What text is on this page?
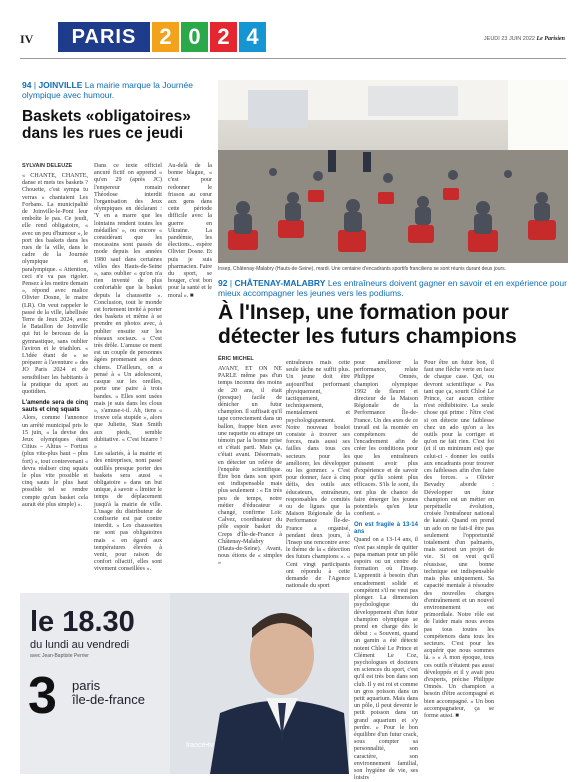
IV	PARIS	2 0 2 4	JEUDI 23 JUIN 2022 Le Parisien
94 | JOINVILLE La mairie marque la Journée olympique avec humour.
Baskets «obligatoires» dans les rues ce jeudi
SYLVAIN DELEUZE
« CHANTE, CHANTE, danse et mets tes baskets ? Chouette, c'est sympa tu verras » chantaient Les Forbans. La municipalité de Joinville-le-Pont leur emboîte le pas. Ce jeudi, elle rend obligatoire, « avec un peu d'humour », le port des baskets dans les rues de la ville, dans le cadre de la Journée olympique et paralympique. « Attention, ceci n'e va pas rigoler. Pensez à les mettre demain », répond avec malice Olivier Dosne, le maire (LR). On veut rappeler le passé de la ville, labellisée Terre de Jeux 2024, avec le Bataillon de Joinville qui fut le berceau de la gymnastique, sans oublier l'aviron et le triathlon. « L'idée étant de « se préparer à l'aventure » des JO Paris 2024 et de sensibiliser les habitants à la pratique du sport au quotidien.
L'amende sera de cinq sauts et cinq squats
Alors, comme l'annonce un arrêté municipal pris le 15 juin, « la devise des Jeux olympiques étant Citius – Altius – Fortius (plus vite-plus haut – plus fort) », tout contrevenant « devra réaliser cinq squats le plus vite possible et cinq sauts le plus haut possible tel se rendre compte qu'un basket cela aurait été plus simple) ».
Dans ce texte officiel ancuré fictif on apprend « qu'en 29 (après JC) l'empereur romain Théodose interdit l'organisation des Jeux olympiques en déclarant : 'Y en a marre que les lointains rendent toutes les médailles' », ou encore « considérant que les mocassins sont passés de mode depuis les années 1980 sauf dans certaines villes des Hauts-de-Seine », sans oublier « qu'on n'a rien inventé de plus confortable que la basket depuis la chaussette ». Conclusion, tout le monde est fortement invité à porter des baskets et même à se prendre en photos avec, à publier ensuite sur les réseaux sociaux. « C'est très drôle. L'amuse ce ment est un couple de personnes âgées promenant ses deux chiens. D'ailleurs, on a pensé à « Un adolescent, casque sur les oreilles, porte une paire à trois bandes. « Elles sont usées mais je suis dans les clous », s'amuse-t-il. Ah, tiens « trouve cela stupide », alors que Juliette, Stan Smith aux pieds, semble dubitative. « C'est bizarre ! »
Les salariés, à la mairie et des entreprises, nont passé outillés presque porter des baskets sera aussi « obligatoire » dans un but unique, à savoir « limiter le temps de déplacement jusqu'à la mairie de ville. L'usage du distributeur de confiserie est par contre interdit. » Les chaussettes ne sont pas obligatoires mais « en égard aux températures élevées à venir, pour raison de confort olfactif, elles sont vivement conseillées ».
Au-delà de la bonne blague, « c'est pour redonner le frisson au cœur aux gens dans cette période difficile avec la guerre en Ukraine. La pandémie, les élections... espère Olivier Dosne. Et puis je suis pharmacien. Faire du sport, se bouger, c'est bon pour la santé et le moral ». ■
Insep, Châtenay-Malabry (Hauts-de-Seine), mardi. Une centaine d'encadrants sportifs franciliens se sont réunis durant deux jours.
92 | CHÂTENAY-MALABRY Les entraîneurs doivent gagner en savoir et en expérience pour mieux accompagner les jeunes vers les podiums.
À l'Insep, une formation pour détecter les futurs champions
ÉRIC MICHEL
AVANT, ET ON NE PARLE même pas d'un temps inconnu des moins de 20 ans, il était (presque) facile de dénicher un futur champion. Il suffisait qu'il tape correctement dans un ballon, frappe bien avec une raquette ou attrape un témoin par la bonne prise et c'était parti. Mais ça, c'était avant. Désormais, en détecter un relève de l'enquête scientifique. Être bon dans son sport est indispensable mais plus seulement : « En très peu de temps, notre métier d'éducateur a changé, confirme Loïc Calvez, coordinateur du pôle espoir basket du Creps d'Île-de-France à Châtenay-Malabry (Hauts-de-Seine). Avant, nous étions de « simples »
entraîneurs mais cette seule tâche ne suffit plus. Un jeune doit être aujourd'hui performant physiquement, tactiquement, techniquement, mentalement et psychologiquement. Notre nouveau boulot consiste à trouver ses forces, mais aussi ses failles dans tous ces secteurs pour les améliorer, les développer ou les gommer. » C'est pour donner, face à cinq défis, des outils aux éducateurs, entraîneurs, responsables de comités ou de ligues que la Maison Régionale de la Performance Île-de-France a organisé, pendant deux jours, à l'Insep une rencontre avec le thème de la « détection des futurs champions ». « Cent vingt participants ont répondu à cette demande de l'Agence nationale du sport
pour améliorer la performance, relate Philippe Omnès, champion olympique 1992 de fleuret et directeur de la Maison Régionale de la Performance Île-de-France. Un des axes de ce travail est la montée en compétences de l'encadrement afin de créer les conditions pour que les entraîneurs puissent avoir plus d'expérience et de savoir pour qu'ils soient plus efficaces. S'ils le sont, ils ont plus de chance de faire émerger les jeunes potentiels qu'en leur confient. »
On est fragile à 13-14 ans
Quand on a 13-14 ans, il n'est pas simple de quitter papa maman pour un pôle espoirs ou un centre de formation où l'Insep. L'apprentit à besoin d'un encadrement solide et compétent s'il ne veut pas plonger. La dimension psychologique du développement d'un futur champion olympique se prend en charge dès le début : « Souvent, quand un gamin a été détecté notent Chloé Le Prince et Clément Le Coz, psychologues et docteurs en sciences du sport, c'est qu'il est très bon dans son club. Il y est roi et comme un gros poisson dans un petit aquarium. Mais dans un pôle, il peut devenir le petit poisson dans un grand aquarium et s'y perdre. » Pour le bon équilibre d'un futur crack, sous compter sa personnalité, son caractère, son environnement familial, son hygiène de vie, ses loisirs
Pour être un futur bon, il faut une flèche verte en face de chaque case. Qui, ou devront scientifique « Pas tant que ça, sourit Chloé Le Prince, car aucun critère n'est rédhibitoire. La seule chose qui prime : l'être c'est si on détecte une faiblesse chez un ado qu'on a les outils pour la corriger et qu'on ne fait rien. C'est foi (et il un minimum est) que celui-ci - donner les outils aux encadrants pour trouver ces faiblesses afin d'en faire des forces. » Olivier Bevadry aborde : Développer un futur champion est un métier en perpétuelle évolution, croisée l'entraîneur national de karaté. Quand on prend un ado on ne fait-il être pas seulement l'opportunité totalement d'un palmarès, mais surtout un projet de vie. Si on veut qu'il réussisse, une bonne technique est indispensable mais plus uniquement. Sa capacité mentale à résoudre des nouvelles charges d'entraînement et un nouvel environnement est primordiale. Notre rôle est de l'aider mais nous avons pas tous toutes les compétences dans tous les secteurs. C'est pour les acquérir que nous sommes là. » « À mon époque, tous ces outils n'étaient pas aussi développés et il y avait peu d'experts, précise Philippe Omnès. Un champion a besoin d'être accompagné et bien accompagné. » Un bon accompagnateur, ça se forme aussi. ■
le 18.30
du lundi au vendredi
avec Jean-Baptiste Perrier
3 paris
île-de-france
france•tv
